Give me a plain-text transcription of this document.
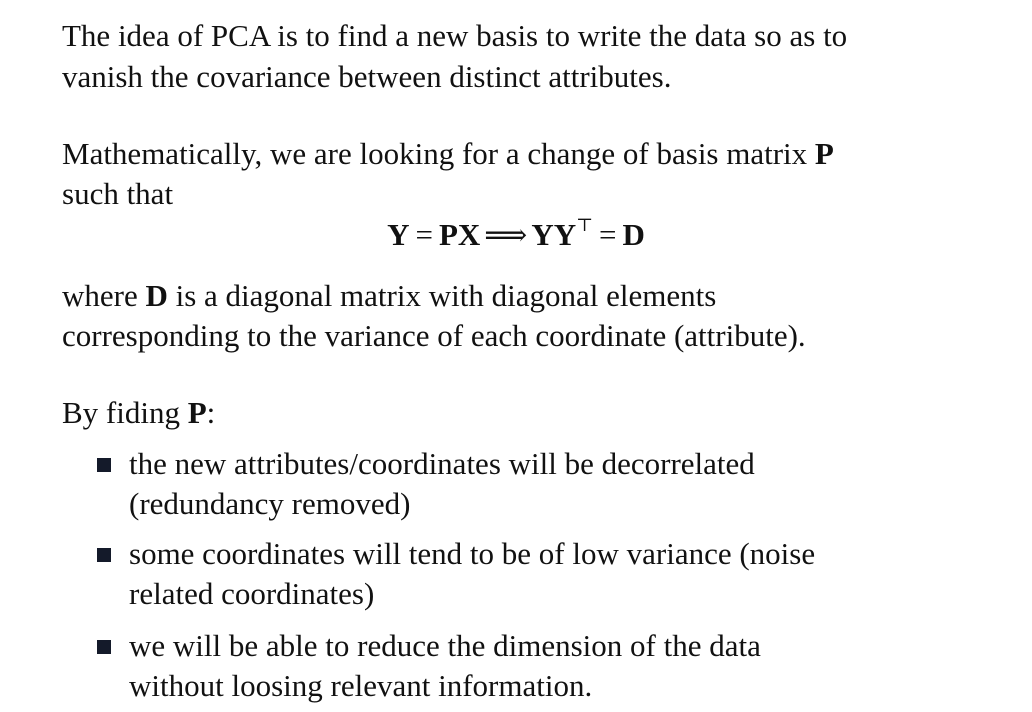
The idea of PCA is to find a new basis to write the data so as to
vanish the covariance between distinct attributes.
Mathematically, we are looking for a change of basis matrix P
such that
Y = PX ⟹ YY⊤ = D
where D is a diagonal matrix with diagonal elements
corresponding to the variance of each coordinate (attribute).
By fiding P:
the new attributes/coordinates will be decorrelated
(redundancy removed)
some coordinates will tend to be of low variance (noise
related coordinates)
we will be able to reduce the dimension of the data
without loosing relevant information.
